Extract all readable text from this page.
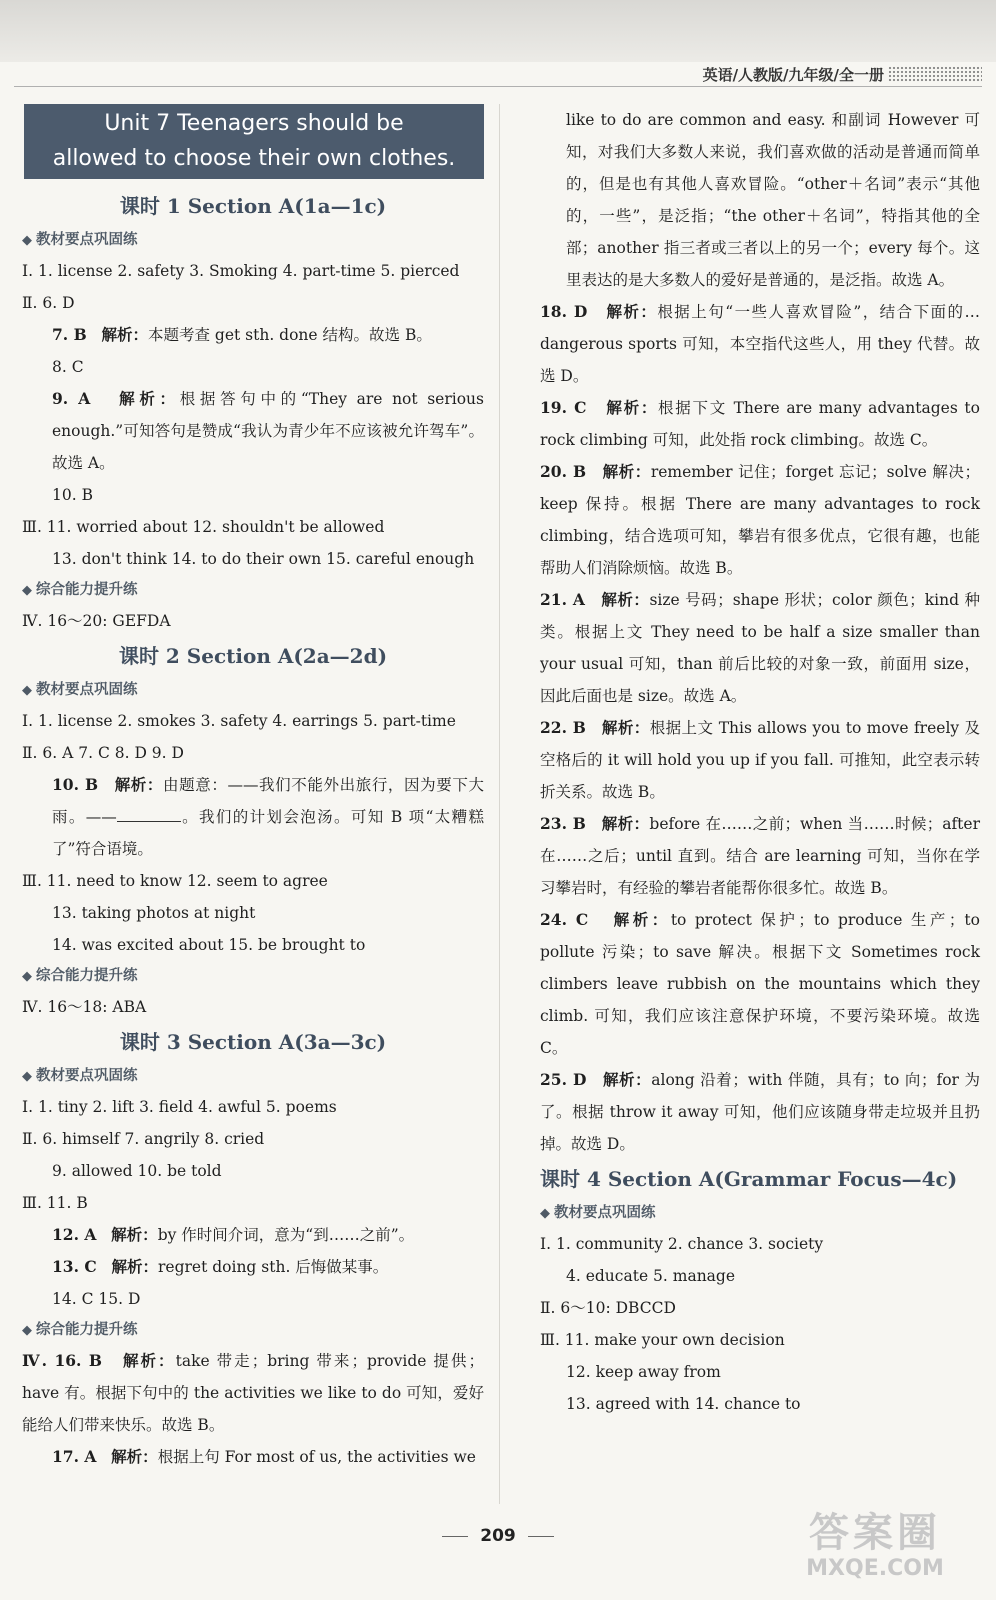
英语/人教版/九年级/全一册
Unit 7 Teenagers should be
allowed to choose their own clothes.
课时 1 Section A(1a—1c)
◆ 教材要点巩固练
Ⅰ. 1. license 2. safety 3. Smoking 4. part-time 5. pierced
Ⅱ. 6. D
7. B 解析：本题考查 get sth. done 结构。故选 B。
8. C
9. A 解析：根据答句中的“They are not serious enough.”可知答句是赞成“我认为青少年不应该被允许驾车”。故选 A。
10. B
Ⅲ. 11. worried about 12. shouldn't be allowed
13. don't think 14. to do their own 15. careful enough
◆ 综合能力提升练
Ⅳ. 16～20: GEFDA
课时 2 Section A(2a—2d)
◆ 教材要点巩固练
Ⅰ. 1. license 2. smokes 3. safety 4. earrings 5. part-time
Ⅱ. 6. A 7. C 8. D 9. D
10. B 解析：由题意：——我们不能外出旅行，因为要下大雨。——	。我们的计划会泡汤。可知 B 项“太糟糕了”符合语境。
Ⅲ. 11. need to know 12. seem to agree
13. taking photos at night
14. was excited about 15. be brought to
◆ 综合能力提升练
Ⅳ. 16～18: ABA
课时 3 Section A(3a—3c)
◆ 教材要点巩固练
Ⅰ. 1. tiny 2. lift 3. field 4. awful 5. poems
Ⅱ. 6. himself 7. angrily 8. cried
9. allowed 10. be told
Ⅲ. 11. B
12. A 解析：by 作时间介词，意为“到……之前”。
13. C 解析：regret doing sth. 后悔做某事。
14. C 15. D
◆ 综合能力提升练
Ⅳ. 16. B 解析：take 带走；bring 带来；provide 提供；have 有。根据下句中的 the activities we like to do 可知，爱好能给人们带来快乐。故选 B。
17. A 解析：根据上句 For most of us, the activities we
like to do are common and easy. 和副词 However 可知，对我们大多数人来说，我们喜欢做的活动是普通而简单的，但是也有其他人喜欢冒险。“other＋名词”表示“其他的，一些”，是泛指；“the other＋名词”，特指其他的全部；another 指三者或三者以上的另一个；every 每个。这里表达的是大多数人的爱好是普通的，是泛指。故选 A。
18. D 解析：根据上句“一些人喜欢冒险”，结合下面的… dangerous sports 可知，本空指代这些人，用 they 代替。故选 D。
19. C 解析：根据下文 There are many advantages to rock climbing 可知，此处指 rock climbing。故选 C。
20. B 解析：remember 记住；forget 忘记；solve 解决；keep 保持。根据 There are many advantages to rock climbing，结合选项可知，攀岩有很多优点，它很有趣，也能帮助人们消除烦恼。故选 B。
21. A 解析：size 号码；shape 形状；color 颜色；kind 种类。根据上文 They need to be half a size smaller than your usual 可知，than 前后比较的对象一致，前面用 size，因此后面也是 size。故选 A。
22. B 解析：根据上文 This allows you to move freely 及空格后的 it will hold you up if you fall. 可推知，此空表示转折关系。故选 B。
23. B 解析：before 在……之前；when 当……时候；after 在……之后；until 直到。结合 are learning 可知，当你在学习攀岩时，有经验的攀岩者能帮你很多忙。故选 B。
24. C 解析：to protect 保护；to produce 生产；to pollute 污染；to save 解决。根据下文 Sometimes rock climbers leave rubbish on the mountains which they climb. 可知，我们应该注意保护环境，不要污染环境。故选 C。
25. D 解析：along 沿着；with 伴随，具有；to 向；for 为了。根据 throw it away 可知，他们应该随身带走垃圾并且扔掉。故选 D。
课时 4 Section A(Grammar Focus—4c)
◆ 教材要点巩固练
Ⅰ. 1. community 2. chance 3. society
4. educate 5. manage
Ⅱ. 6～10: DBCCD
Ⅲ. 11. make your own decision
12. keep away from
13. agreed with 14. chance to
209	答案圈
MXQE.COM
